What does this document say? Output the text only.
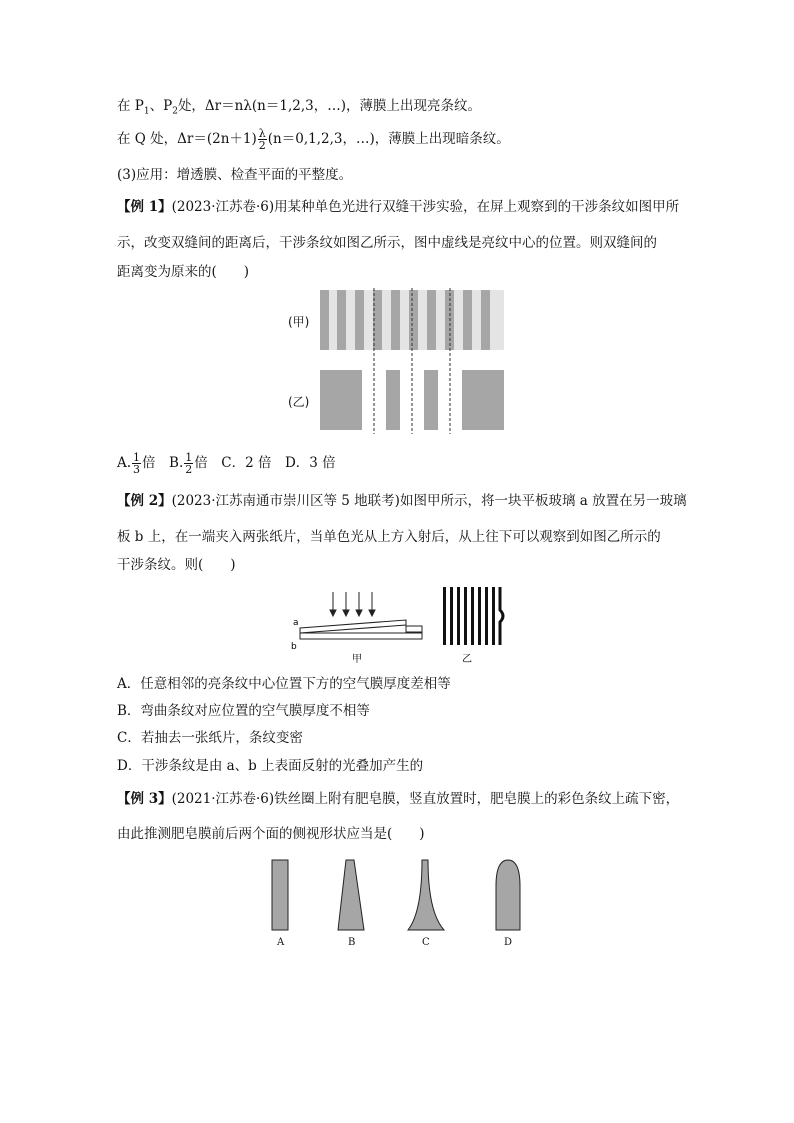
在 $P_1$、$P_2$处，Δr＝nλ(n＝1,2,3，…)，薄膜上出现亮条纹。
在 Q 处，$\Delta r=(2n+1) \frac{\lambda}{2} (n=0,1,2,3$，…)，薄膜上出现暗条纹。
(3)应用：增透膜、检查平面的平整度。
【例 1】(2023·江苏卷·6)用某种单色光进行双缝干涉实验，在屏上观察到的干涉条纹如图甲所
示，改变双缝间的距离后，干涉条纹如图乙所示，图中虚线是亮纹中心的位置。则双缝间的
距离变为原来的(　　)
(甲)
(乙)
A. $\frac{1}{3}$ 倍　 B. $\frac{1}{2}$ 倍　 C．2 倍　D．3 倍
【例 2】(2023·江苏南通市崇川区等 5 地联考)如图甲所示，将一块平板玻璃 a 放置在另一玻璃
板 b 上，在一端夹入两张纸片，当单色光从上方入射后，从上往下可以观察到如图乙所示的
干涉条纹。则(　　)
a
b
甲	乙
A．任意相邻的亮条纹中心位置下方的空气膜厚度差相等
B．弯曲条纹对应位置的空气膜厚度不相等
C．若抽去一张纸片，条纹变密
D．干涉条纹是由 a、b 上表面反射的光叠加产生的
【例 3】(2021·江苏卷·6)铁丝圈上附有肥皂膜，竖直放置时，肥皂膜上的彩色条纹上疏下密，
由此推测肥皂膜前后两个面的侧视形状应当是(　　)
A	B	C	D
